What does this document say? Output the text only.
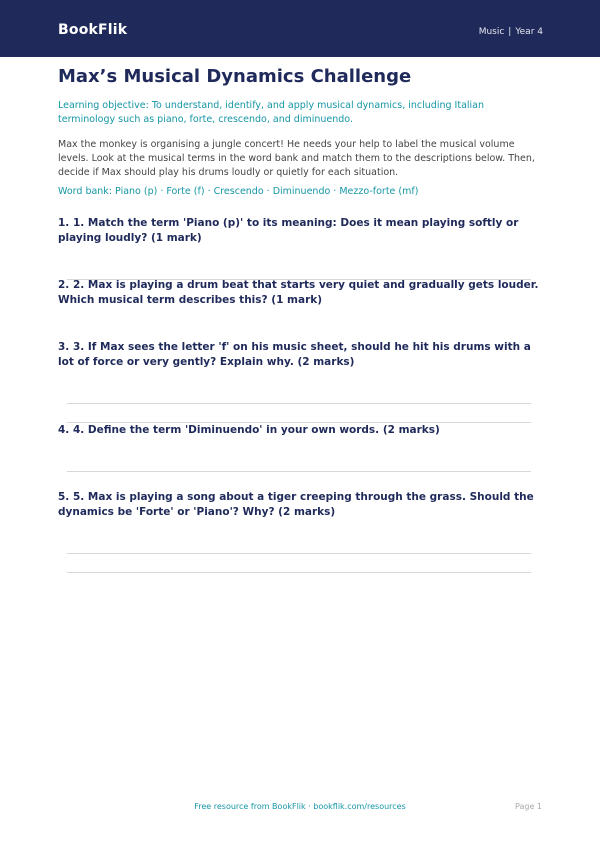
BookFlik	Music | Year 4
Max’s Musical Dynamics Challenge
Learning objective: To understand, identify, and apply musical dynamics, including Italian terminology such as piano, forte, crescendo, and diminuendo.
Max the monkey is organising a jungle concert! He needs your help to label the musical volume levels. Look at the musical terms in the word bank and match them to the descriptions below. Then, decide if Max should play his drums loudly or quietly for each situation.
Word bank: Piano (p) · Forte (f) · Crescendo · Diminuendo · Mezzo-forte (mf)
1. 1. Match the term 'Piano (p)' to its meaning: Does it mean playing softly or playing loudly? (1 mark)
2. 2. Max is playing a drum beat that starts very quiet and gradually gets louder. Which musical term describes this? (1 mark)
3. 3. If Max sees the letter 'f' on his music sheet, should he hit his drums with a lot of force or very gently? Explain why. (2 marks)
4. 4. Define the term 'Diminuendo' in your own words. (2 marks)
5. 5. Max is playing a song about a tiger creeping through the grass. Should the dynamics be 'Forte' or 'Piano'? Why? (2 marks)
Free resource from BookFlik · bookflik.com/resources	Page 1
